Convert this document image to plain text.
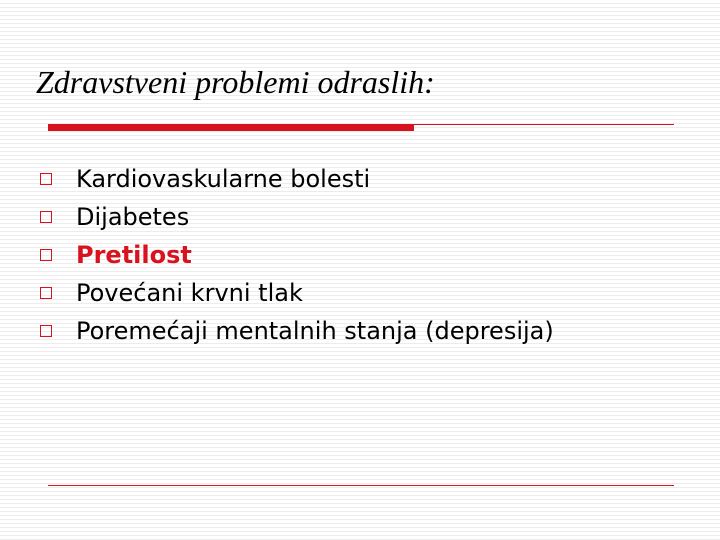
Zdravstveni problemi odraslih:
Kardiovaskularne bolesti
Dijabetes
Pretilost
Povećani krvni tlak
Poremećaji mentalnih stanja (depresija)
